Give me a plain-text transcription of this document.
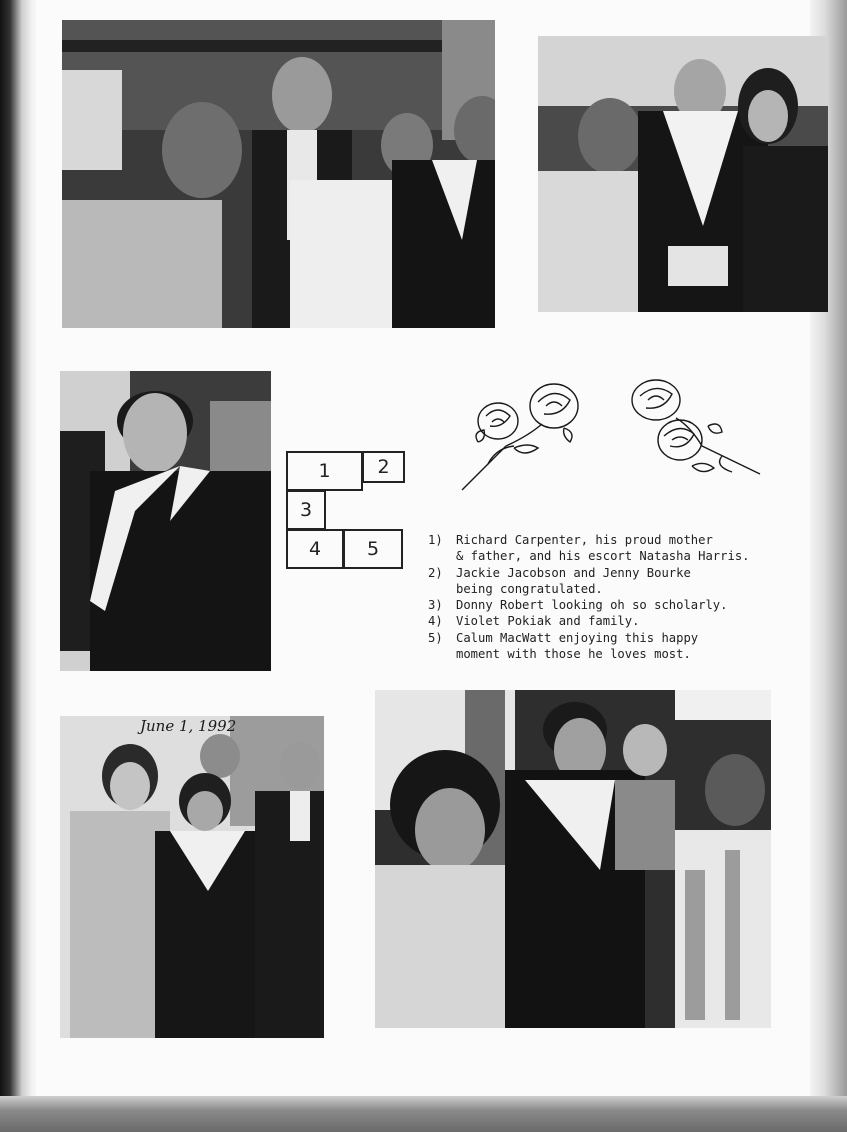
1	2
3
4	5	1)	Richard Carpenter, his proud mother
& father, and his escort Natasha Harris.
2)	Jackie Jacobson and Jenny Bourke
being congratulated.
3)	Donny Robert looking oh so scholarly.
4)	Violet Pokiak and family.
5)	Calum MacWatt enjoying this happy
moment with those he loves most.
June 1, 1992
